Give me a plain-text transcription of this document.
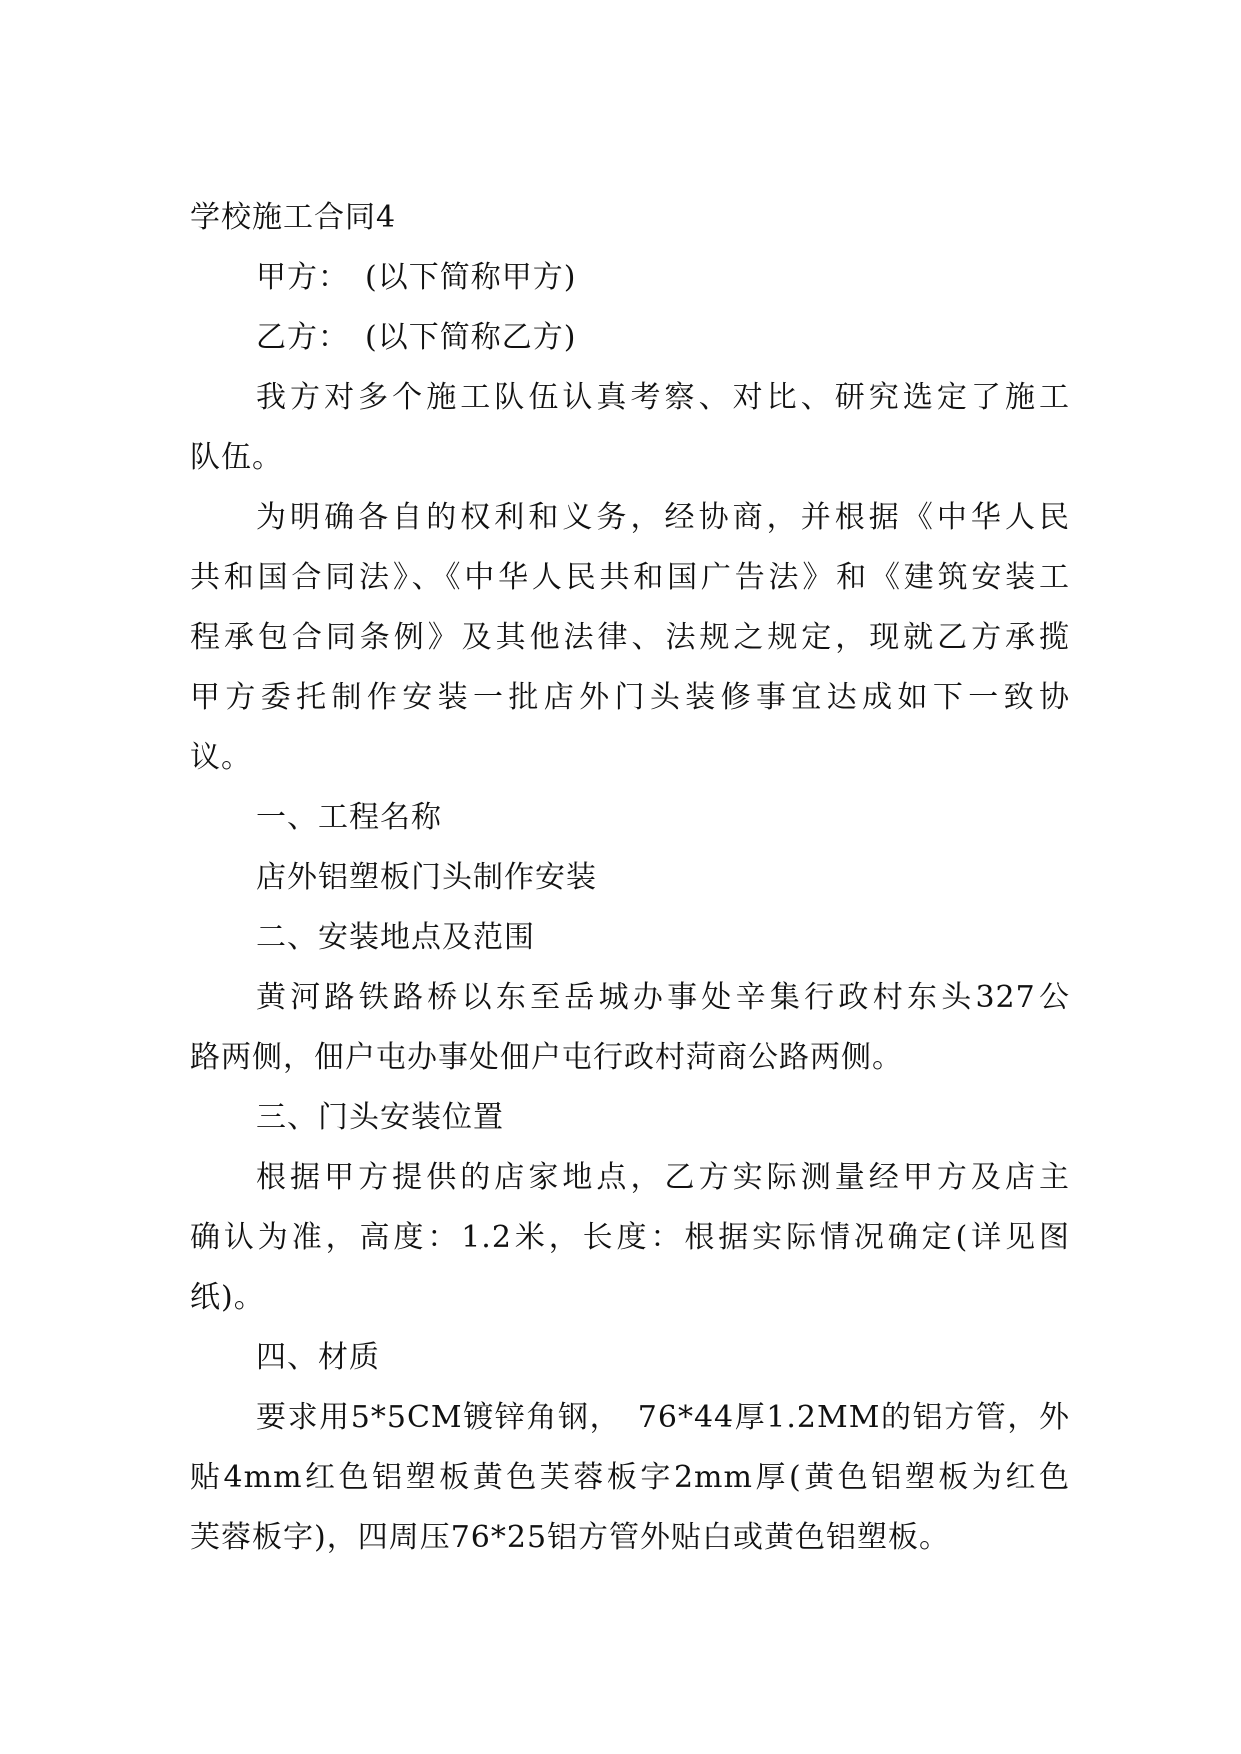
学校施工合同4
甲方：　(以下简称甲方)
乙方：　(以下简称乙方)
我方对多个施工队伍认真考察、对比、研究选定了施工
队伍。
为明确各自的权利和义务，经协商，并根据《中华人民
共和国合同法》、《中华人民共和国广告法》和《建筑安装工
程承包合同条例》及其他法律、法规之规定，现就乙方承揽
甲方委托制作安装一批店外门头装修事宜达成如下一致协
议。
一、工程名称
店外铝塑板门头制作安装
二、安装地点及范围
黄河路铁路桥以东至岳城办事处辛集行政村东头327公
路两侧，佃户屯办事处佃户屯行政村菏商公路两侧。
三、门头安装位置
根据甲方提供的店家地点，乙方实际测量经甲方及店主
确认为准，高度：1.2米，长度：根据实际情况确定(详见图
纸)。
四、材质
要求用5*5CM镀锌角钢，　76*44厚1.2MM的铝方管，外
贴4mm红色铝塑板黄色芙蓉板字2mm厚(黄色铝塑板为红色
芙蓉板字)，四周压76*25铝方管外贴白或黄色铝塑板。
